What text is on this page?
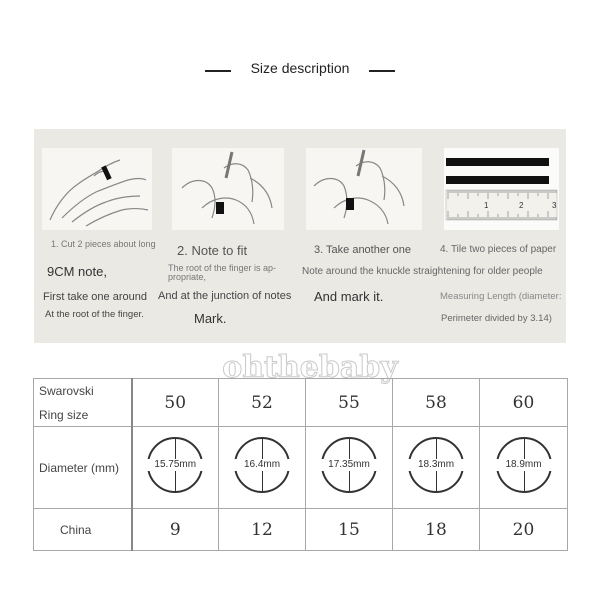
Size description
1	2	3
1. Cut 2 pieces about long
9CM note,
First take one around
At the root of the finger.
2. Note to fit
The root of the finger is ap-propriate,
And at the junction of notes
Mark.
3. Take another one
Note around the knuckle straightening for older people
And mark it.
4. Tile two pieces of paper
Measuring Length (diameter:
Perimeter divided by 3.14)
ohthebaby
Swarovski
Ring size	50	52	55	58	60
Diameter (mm)	15.75mm	16.4mm	17.35mm	18.3mm	18.9mm

China	9	12	15	18	20
